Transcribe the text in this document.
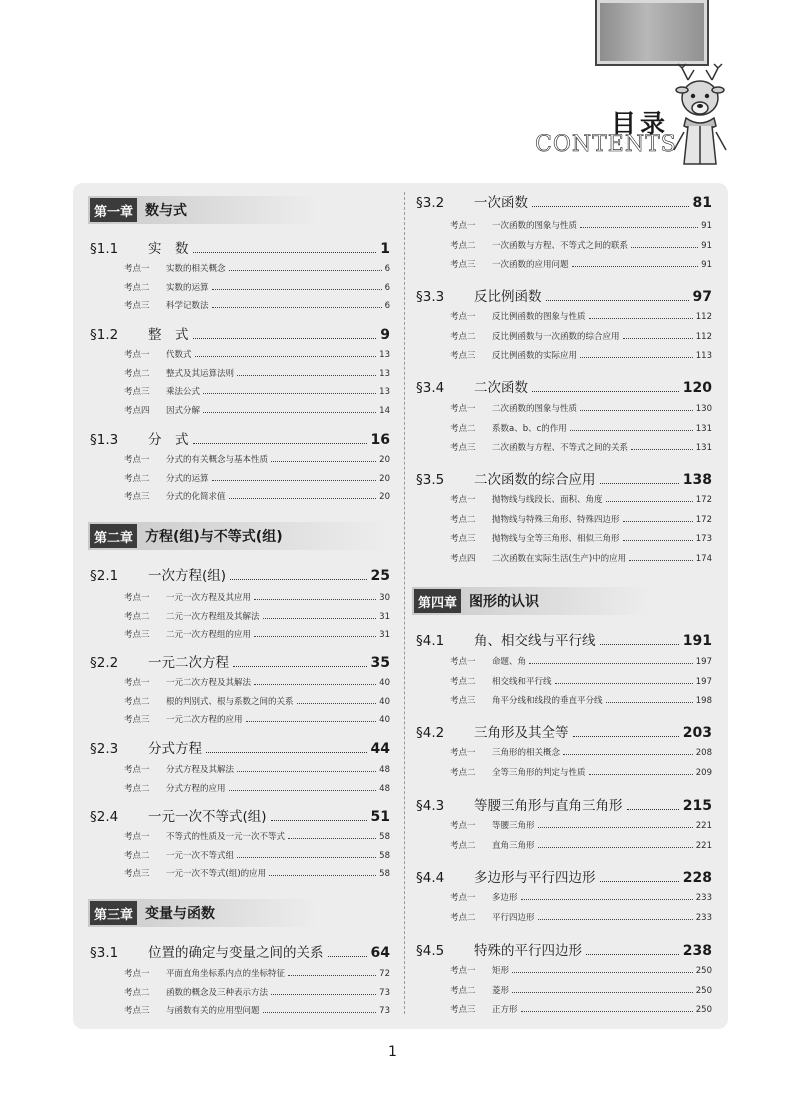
目录
CONTENTS
第一章 数与式
第二章 方程(组)与不等式(组)
第三章 变量与函数
第四章 图形的认识
§1.1	实　数	1
考点一	实数的相关概念	6
考点二	实数的运算	6
考点三	科学记数法	6
§1.2	整　式	9
考点一	代数式	13
考点二	整式及其运算法则	13
考点三	乘法公式	13
考点四	因式分解	14
§1.3	分　式	16
考点一	分式的有关概念与基本性质	20
考点二	分式的运算	20
考点三	分式的化简求值	20
§2.1	一次方程(组)	25
考点一	一元一次方程及其应用	30
考点二	二元一次方程组及其解法	31
考点三	二元一次方程组的应用	31
§2.2	一元二次方程	35
考点一	一元二次方程及其解法	40
考点二	根的判别式、根与系数之间的关系	40
考点三	一元二次方程的应用	40
§2.3	分式方程	44
考点一	分式方程及其解法	48
考点二	分式方程的应用	48
§2.4	一元一次不等式(组)	51
考点一	不等式的性质及一元一次不等式	58
考点二	一元一次不等式组	58
考点三	一元一次不等式(组)的应用	58
§3.1	位置的确定与变量之间的关系	64
考点一	平面直角坐标系内点的坐标特征	72
考点二	函数的概念及三种表示方法	73
考点三	与函数有关的应用型问题	73
§3.2	一次函数	81
考点一	一次函数的图象与性质	91
考点二	一次函数与方程、不等式之间的联系	91
考点三	一次函数的应用问题	91
§3.3	反比例函数	97
考点一	反比例函数的图象与性质	112
考点二	反比例函数与一次函数的综合应用	112
考点三	反比例函数的实际应用	113
§3.4	二次函数	120
考点一	二次函数的图象与性质	130
考点二	系数a、b、c的作用	131
考点三	二次函数与方程、不等式之间的关系	131
§3.5	二次函数的综合应用	138
考点一	抛物线与线段长、面积、角度	172
考点二	抛物线与特殊三角形、特殊四边形	172
考点三	抛物线与全等三角形、相似三角形	173
考点四	二次函数在实际生活(生产)中的应用	174
§4.1	角、相交线与平行线	191
考点一	命题、角	197
考点二	相交线和平行线	197
考点三	角平分线和线段的垂直平分线	198
§4.2	三角形及其全等	203
考点一	三角形的相关概念	208
考点二	全等三角形的判定与性质	209
§4.3	等腰三角形与直角三角形	215
考点一	等腰三角形	221
考点二	直角三角形	221
§4.4	多边形与平行四边形	228
考点一	多边形	233
考点二	平行四边形	233
§4.5	特殊的平行四边形	238
考点一	矩形	250
考点二	菱形	250
考点三	正方形	250
1
